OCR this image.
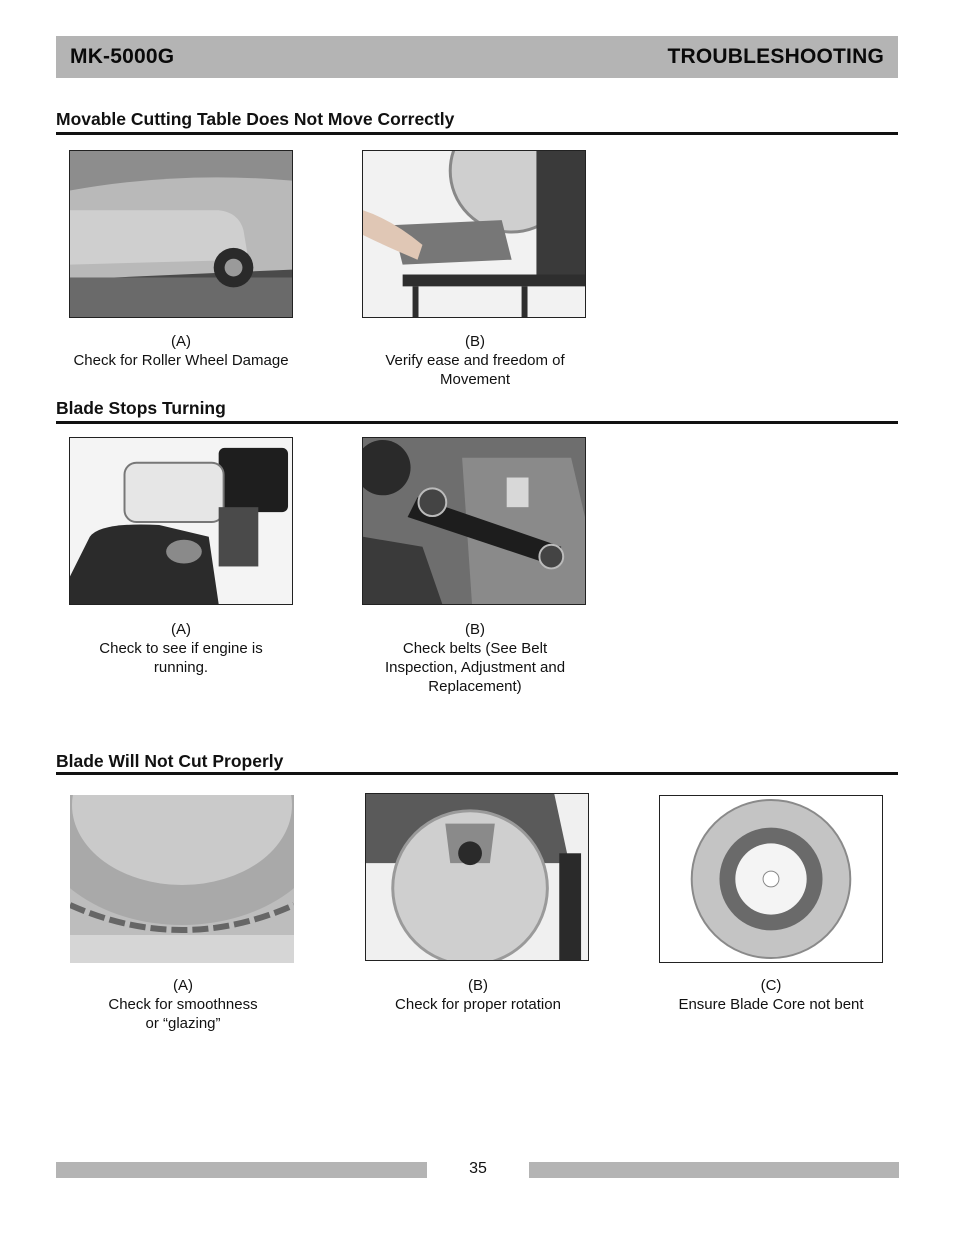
MK-5000G	TROUBLESHOOTING
Movable Cutting Table Does Not Move Correctly
(A)
Check for Roller Wheel Damage
(B)
Verify ease and freedom of
Movement
Blade Stops Turning
(A)
Check to see if engine is
running.
(B)
Check belts (See Belt
Inspection, Adjustment and
Replacement)
Blade Will Not Cut Properly
(A)
Check for smoothness
or “glazing”
(B)
Check for proper rotation
(C)
Ensure Blade Core not bent
35
